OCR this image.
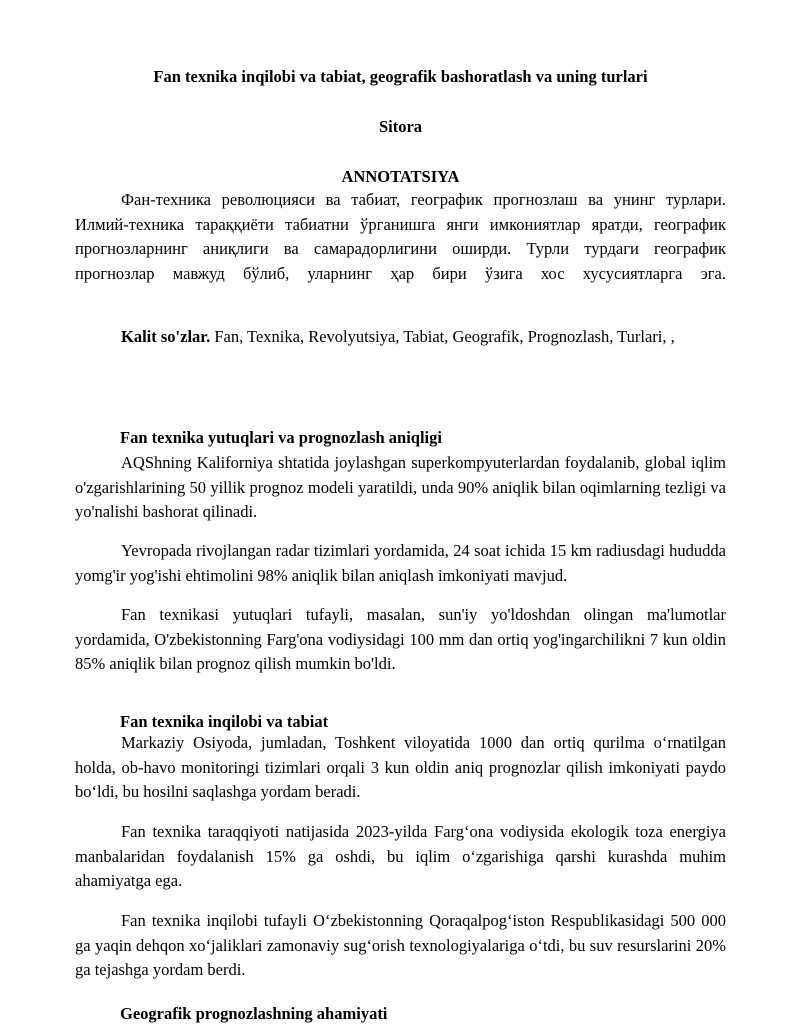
Fan texnika inqilobi va tabiat, geografik bashoratlash va uning turlari
Sitora
ANNOTATSIYA
Фан-техника революцияси ва табиат, географик прогнозлаш ва унинг турлари. Илмий-техника тараққиёти табиатни ўрганишга янги имкониятлар яратди, географик прогнозларнинг аниқлиги ва самарадорлигини оширди. Турли турдаги географик прогнозлар мавжуд бўлиб, уларнинг ҳар бири ўзига хос хусусиятларга эга.
Kalit so'zlar. Fan, Texnika, Revolyutsiya, Tabiat, Geografik, Prognozlash, Turlari, ,
Fan texnika yutuqlari va prognozlash aniqligi
AQShning Kaliforniya shtatida joylashgan superkompyuterlardan foydalanib, global iqlim o'zgarishlarining 50 yillik prognoz modeli yaratildi, unda 90% aniqlik bilan oqimlarning tezligi va yo'nalishi bashorat qilinadi.
Yevropada rivojlangan radar tizimlari yordamida, 24 soat ichida 15 km radiusdagi hududda yomg'ir yog'ishi ehtimolini 98% aniqlik bilan aniqlash imkoniyati mavjud.
Fan texnikasi yutuqlari tufayli, masalan, sun'iy yo'ldoshdan olingan ma'lumotlar yordamida, O'zbekistonning Farg'ona vodiysidagi 100 mm dan ortiq yog'ingarchilikni 7 kun oldin 85% aniqlik bilan prognoz qilish mumkin bo'ldi.
Fan texnika inqilobi va tabiat
Markaziy Osiyoda, jumladan, Toshkent viloyatida 1000 dan ortiq qurilma oʻrnatilgan holda, ob-havo monitoringi tizimlari orqali 3 kun oldin aniq prognozlar qilish imkoniyati paydo boʻldi, bu hosilni saqlashga yordam beradi.
Fan texnika taraqqiyoti natijasida 2023-yilda Fargʻona vodiysida ekologik toza energiya manbalaridan foydalanish 15% ga oshdi, bu iqlim oʻzgarishiga qarshi kurashda muhim ahamiyatga ega.
Fan texnika inqilobi tufayli Oʻzbekistonning Qoraqalpogʻiston Respublikasidagi 500 000 ga yaqin dehqon xoʻjaliklari zamonaviy sugʻorish texnologiyalariga oʻtdi, bu suv resurslarini 20% ga tejashga yordam berdi.
Geografik prognozlashning ahamiyati
